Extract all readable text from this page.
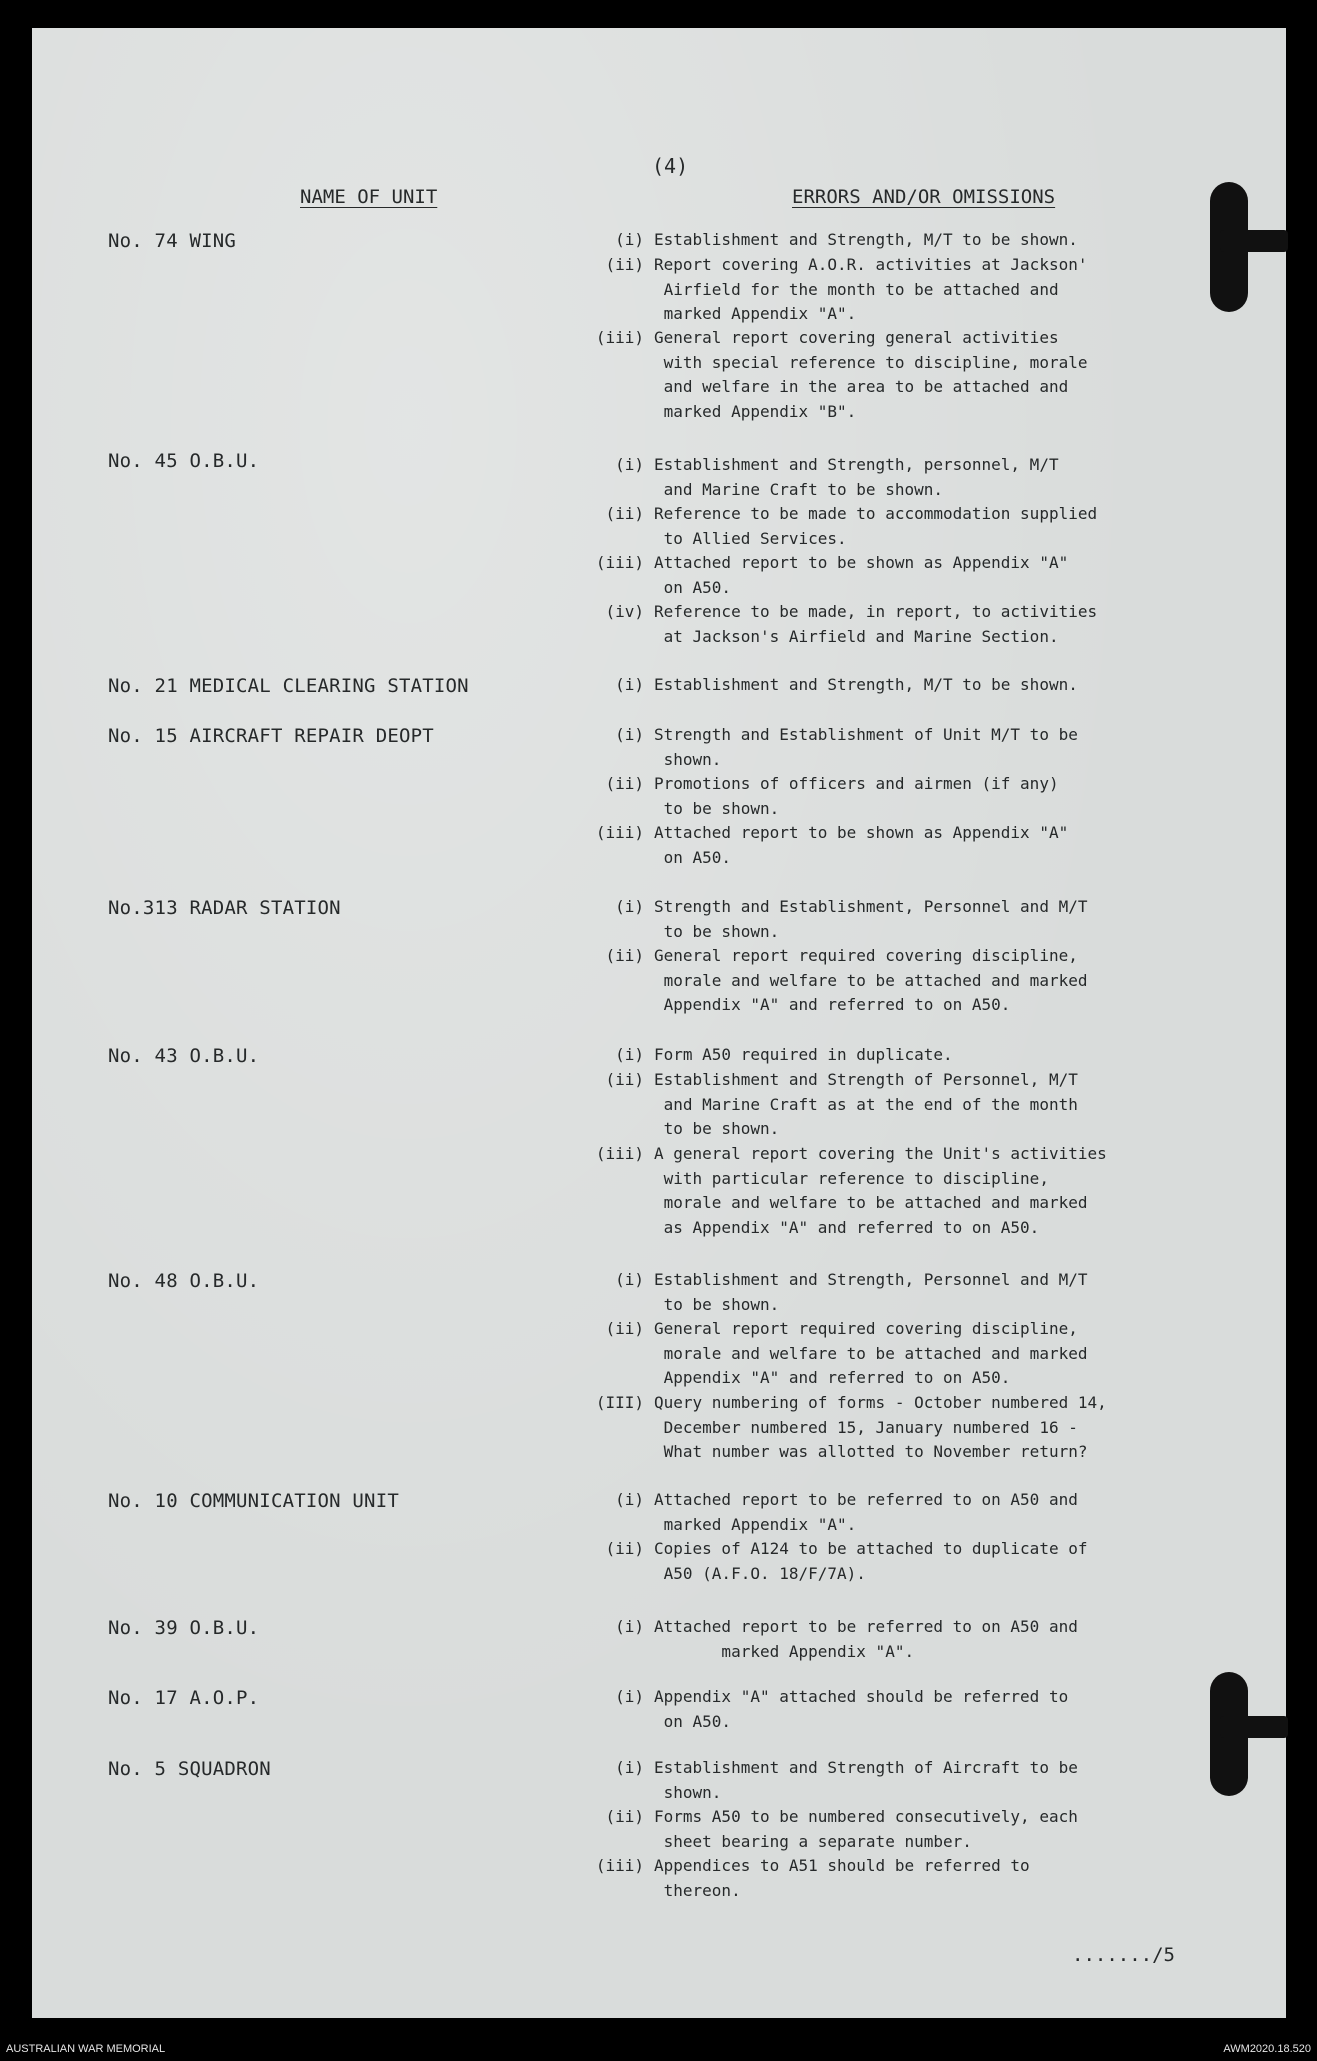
(4)
NAME OF UNIT	ERRORS AND/OR OMISSIONS
No. 74 WING	(i) Establishment and Strength, M/T to be shown.
(ii) Report covering A.O.R. activities at Jackson'
Airfield for the month to be attached and
marked Appendix "A".
(iii) General report covering general activities
with special reference to discipline, morale
and welfare in the area to be attached and
marked Appendix "B".
No. 45 O.B.U.	(i) Establishment and Strength, personnel, M/T
and Marine Craft to be shown.
(ii) Reference to be made to accommodation supplied
to Allied Services.
(iii) Attached report to be shown as Appendix "A"
on A50.
(iv) Reference to be made, in report, to activities
at Jackson's Airfield and Marine Section.
No. 21 MEDICAL CLEARING STATION	(i) Establishment and Strength, M/T to be shown.
No. 15 AIRCRAFT REPAIR DEOPT	(i) Strength and Establishment of Unit M/T to be
shown.
(ii) Promotions of officers and airmen (if any)
to be shown.
(iii) Attached report to be shown as Appendix "A"
on A50.
No.313 RADAR STATION	(i) Strength and Establishment, Personnel and M/T
to be shown.
(ii) General report required covering discipline,
morale and welfare to be attached and marked
Appendix "A" and referred to on A50.
No. 43 O.B.U.	(i) Form A50 required in duplicate.
(ii) Establishment and Strength of Personnel, M/T
and Marine Craft as at the end of the month
to be shown.
(iii) A general report covering the Unit's activities
with particular reference to discipline,
morale and welfare to be attached and marked
as Appendix "A" and referred to on A50.
No. 48 O.B.U.	(i) Establishment and Strength, Personnel and M/T
to be shown.
(ii) General report required covering discipline,
morale and welfare to be attached and marked
Appendix "A" and referred to on A50.
(III) Query numbering of forms - October numbered 14,
December numbered 15, January numbered 16 -
What number was allotted to November return?
No. 10 COMMUNICATION UNIT	(i) Attached report to be referred to on A50 and
marked Appendix "A".
(ii) Copies of A124 to be attached to duplicate of
A50 (A.F.O. 18/F/7A).
No. 39 O.B.U.	(i) Attached report to be referred to on A50 and
marked Appendix "A".
No. 17 A.O.P.	(i) Appendix "A" attached should be referred to
on A50.
No. 5 SQUADRON	(i) Establishment and Strength of Aircraft to be
shown.
(ii) Forms A50 to be numbered consecutively, each
sheet bearing a separate number.
(iii) Appendices to A51 should be referred to
thereon.
......./5
AUSTRALIAN WAR MEMORIAL	AWM2020.18.520
